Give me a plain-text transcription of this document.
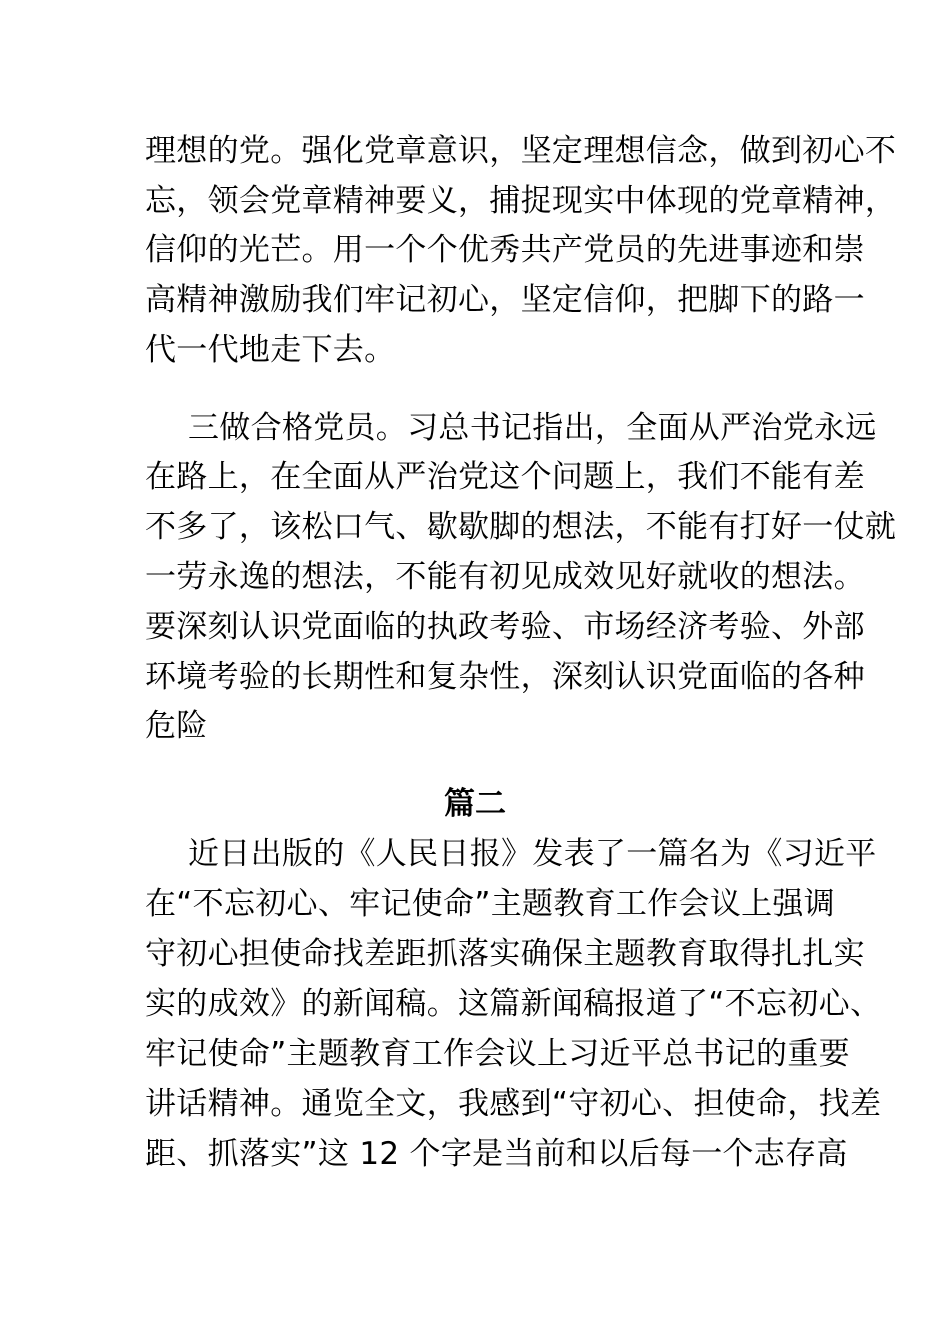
理想的党。强化党章意识，坚定理想信念，做到初心不
忘，领会党章精神要义，捕捉现实中体现的党章精神，
信仰的光芒。用一个个优秀共产党员的先进事迹和崇
高精神激励我们牢记初心，坚定信仰，把脚下的路一
代一代地走下去。
三做合格党员。习总书记指出，全面从严治党永远
在路上，在全面从严治党这个问题上，我们不能有差
不多了，该松口气、歇歇脚的想法，不能有打好一仗就
一劳永逸的想法，不能有初见成效见好就收的想法。
要深刻认识党面临的执政考验、市场经济考验、外部
环境考验的长期性和复杂性，深刻认识党面临的各种
危险
篇二
近日出版的《人民日报》发表了一篇名为《习近平
在“不忘初心、牢记使命”主题教育工作会议上强调
守初心担使命找差距抓落实确保主题教育取得扎扎实
实的成效》的新闻稿。这篇新闻稿报道了“不忘初心、
牢记使命”主题教育工作会议上习近平总书记的重要
讲话精神。通览全文，我感到“守初心、担使命，找差
距、抓落实”这 12 个字是当前和以后每一个志存高
